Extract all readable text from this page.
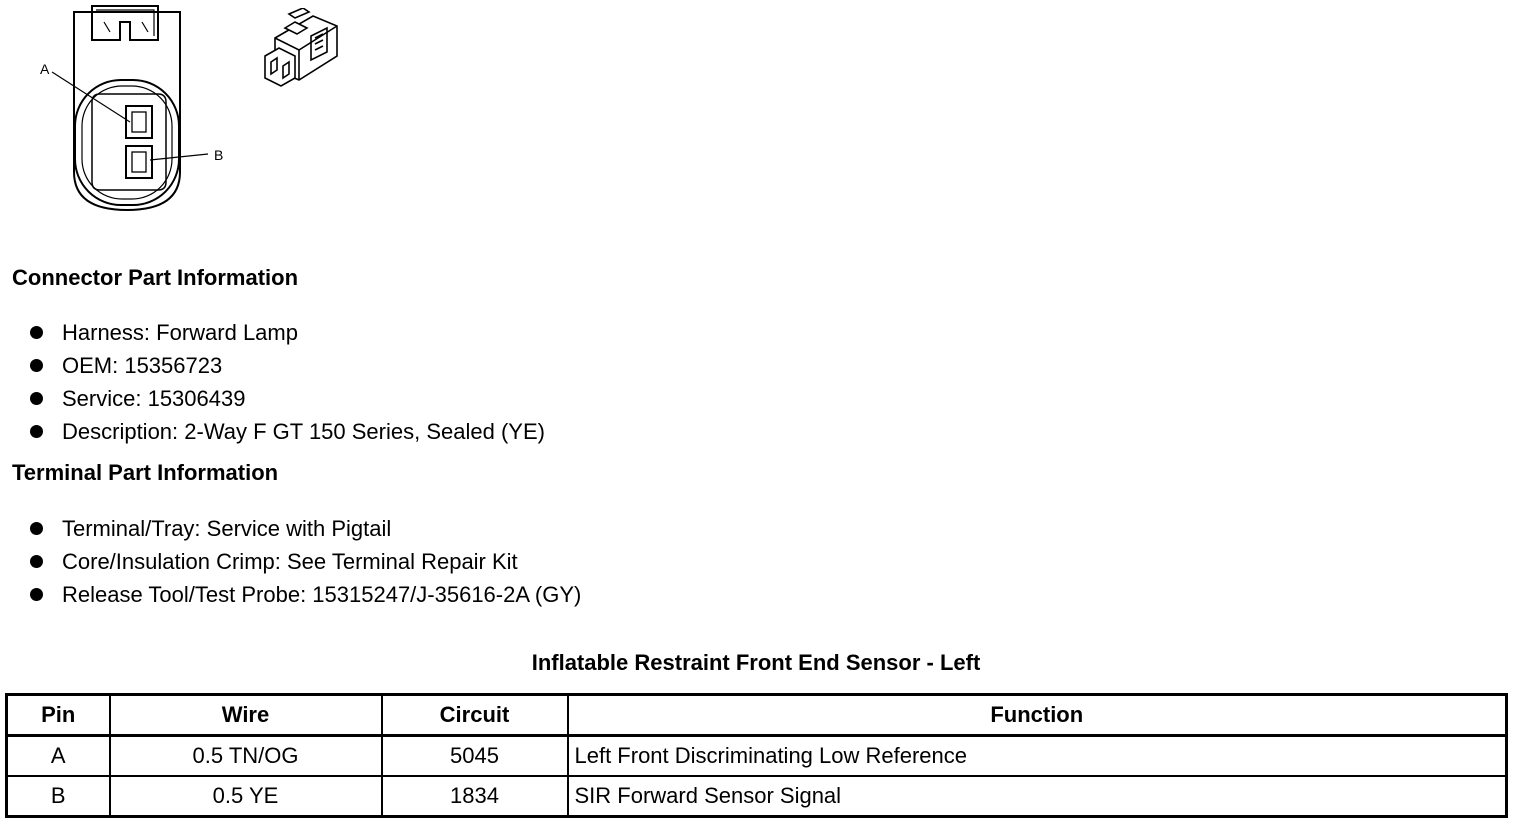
A
B
Connector Part Information
Harness: Forward Lamp
OEM: 15356723
Service: 15306439
Description: 2-Way F GT 150 Series, Sealed (YE)
Terminal Part Information
Terminal/Tray: Service with Pigtail
Core/Insulation Crimp: See Terminal Repair Kit
Release Tool/Test Probe: 15315247/J-35616-2A (GY)
Inflatable Restraint Front End Sensor - Left
Pin	Wire	Circuit	Function
A	0.5 TN/OG	5045	Left Front Discriminating Low Reference
B	0.5 YE	1834	SIR Forward Sensor Signal
